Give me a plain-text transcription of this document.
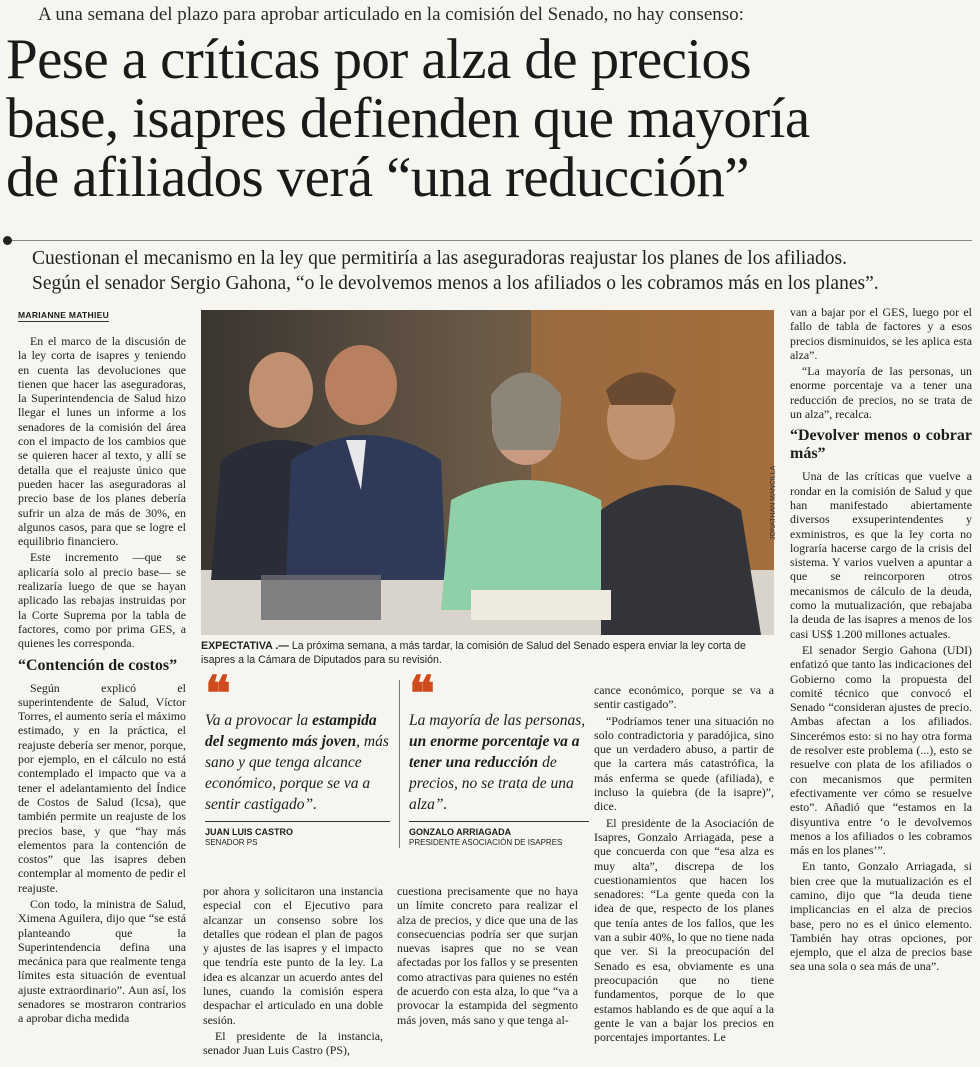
A una semana del plazo para aprobar articulado en la comisión del Senado, no hay consenso:
Pese a críticas por alza de precios
base, isapres defienden que mayoría
de afiliados verá “una reducción”
Cuestionan el mecanismo en la ley que permitiría a las aseguradoras reajustar los planes de los afiliados.
Según el senador Sergio Gahona, “o le devolvemos menos a los afiliados o les cobramos más en los planes”.
MARIANNE MATHIEU

En el marco de la discusión de la ley corta de isapres y teniendo en cuenta las devoluciones que tienen que hacer las aseguradoras, la Superintendencia de Salud hizo llegar el lunes un informe a los senadores de la comisión del área con el impacto de los cambios que se quieren hacer al texto, y allí se detalla que el reajuste único que pueden hacer las aseguradoras al precio base de los planes debería sufrir un alza de más de 30%, en algunos casos, para que se logre el equilibrio financiero.

Este incremento —que se aplicaría solo al precio base— se realizaría luego de que se hayan aplicado las rebajas instruidas por la Corte Suprema por la tabla de factores, como por prima GES, a quienes les corresponda.

“Contención de costos”

Según explicó el superintendente de Salud, Víctor Torres, el aumento sería el máximo estimado, y en la práctica, el reajuste debería ser menor, porque, por ejemplo, en el cálculo no está contemplado el impacto que va a tener el adelantamiento del Índice de Costos de Salud (Icsa), que también permite un reajuste de los precios base, y que “hay más elementos para la contención de costos” que las isapres deben contemplar al momento de pedir el reajuste.

Con todo, la ministra de Salud, Ximena Aguilera, dijo que “se está planteando que la Superintendencia defina una mecánica para que realmente tenga límites esta situación de eventual ajuste extraordinario”. Aun así, los senadores se mostraron contrarios a aprobar dicha medida

JONATHAN MANCILLA
EXPECTATIVA .— La próxima semana, a más tardar, la comisión de Salud del Senado espera enviar la ley corta de isapres a la Cámara de Diputados para su revisión.
❝
Va a provocar la estampida del segmento más joven, más sano y que tenga alcance económico, porque se va a sentir castigado”.
JUAN LUIS CASTRO
SENADOR PS
❝
La mayoría de las personas, un enorme porcentaje va a tener una reducción de precios, no se trata de una alza”.
GONZALO ARRIAGADA
PRESIDENTE ASOCIACIÓN DE ISAPRES

por ahora y solicitaron una instancia especial con el Ejecutivo para alcanzar un consenso sobre los detalles que rodean el plan de pagos y ajustes de las isapres y el impacto que tendría este punto de la ley. La idea es alcanzar un acuerdo antes del lunes, cuando la comisión espera despachar el articulado en una doble sesión.

El presidente de la instancia, senador Juan Luis Castro (PS),

cuestiona precisamente que no haya un límite concreto para realizar el alza de precios, y dice que una de las consecuencias podría ser que surjan nuevas isapres que no se vean afectadas por los fallos y se presenten como atractivas para quienes no estén de acuerdo con esta alza, lo que “va a provocar la estampida del segmento más joven, más sano y que tenga al-

cance económico, porque se va a sentir castigado”.

“Podríamos tener una situación no solo contradictoria y paradójica, sino que un verdadero abuso, a partir de que la cartera más catastrófica, la más enferma se quede (afiliada), e incluso la quiebra (de la isapre)”, dice.

El presidente de la Asociación de Isapres, Gonzalo Arriagada, pese a que concuerda con que “esa alza es muy alta”, discrepa de los cuestionamientos que hacen los senadores: “La gente queda con la idea de que, respecto de los planes que tenía antes de los fallos, que les van a subir 40%, lo que no tiene nada que ver. Si la preocupación del Senado es esa, obviamente es una preocupación que no tiene fundamentos, porque de lo que estamos hablando es de que aquí a la gente le van a bajar los precios en porcentajes importantes. Le

van a bajar por el GES, luego por el fallo de tabla de factores y a esos precios disminuidos, se les aplica esta alza”.

“La mayoría de las personas, un enorme porcentaje va a tener una reducción de precios, no se trata de un alza”, recalca.

“Devolver menos o cobrar más”

Una de las críticas que vuelve a rondar en la comisión de Salud y que han manifestado abiertamente diversos exsuperintendentes y exministros, es que la ley corta no lograría hacerse cargo de la crisis del sistema. Y varios vuelven a apuntar a que se reincorporen otros mecanismos de cálculo de la deuda, como la mutualización, que rebajaba la deuda de las isapres a menos de los casi US$ 1.200 millones actuales.

El senador Sergio Gahona (UDI) enfatizó que tanto las indicaciones del Gobierno como la propuesta del comité técnico que convocó el Senado “consideran ajustes de precio. Ambas afectan a los afiliados. Sincerémos esto: si no hay otra forma de resolver este problema (...), esto se resuelve con plata de los afiliados o con mecanismos que permiten efectivamente ver cómo se resuelve esto”. Añadió que “estamos en la disyuntiva entre ‘o le devolvemos menos a los afiliados o les cobramos más en los planes’”.

En tanto, Gonzalo Arriagada, si bien cree que la mutualización es el camino, dijo que “la deuda tiene implicancias en el alza de precios base, pero no es el único elemento. También hay otras opciones, por ejemplo, que el alza de precios base sea una sola o sea más de una”.
